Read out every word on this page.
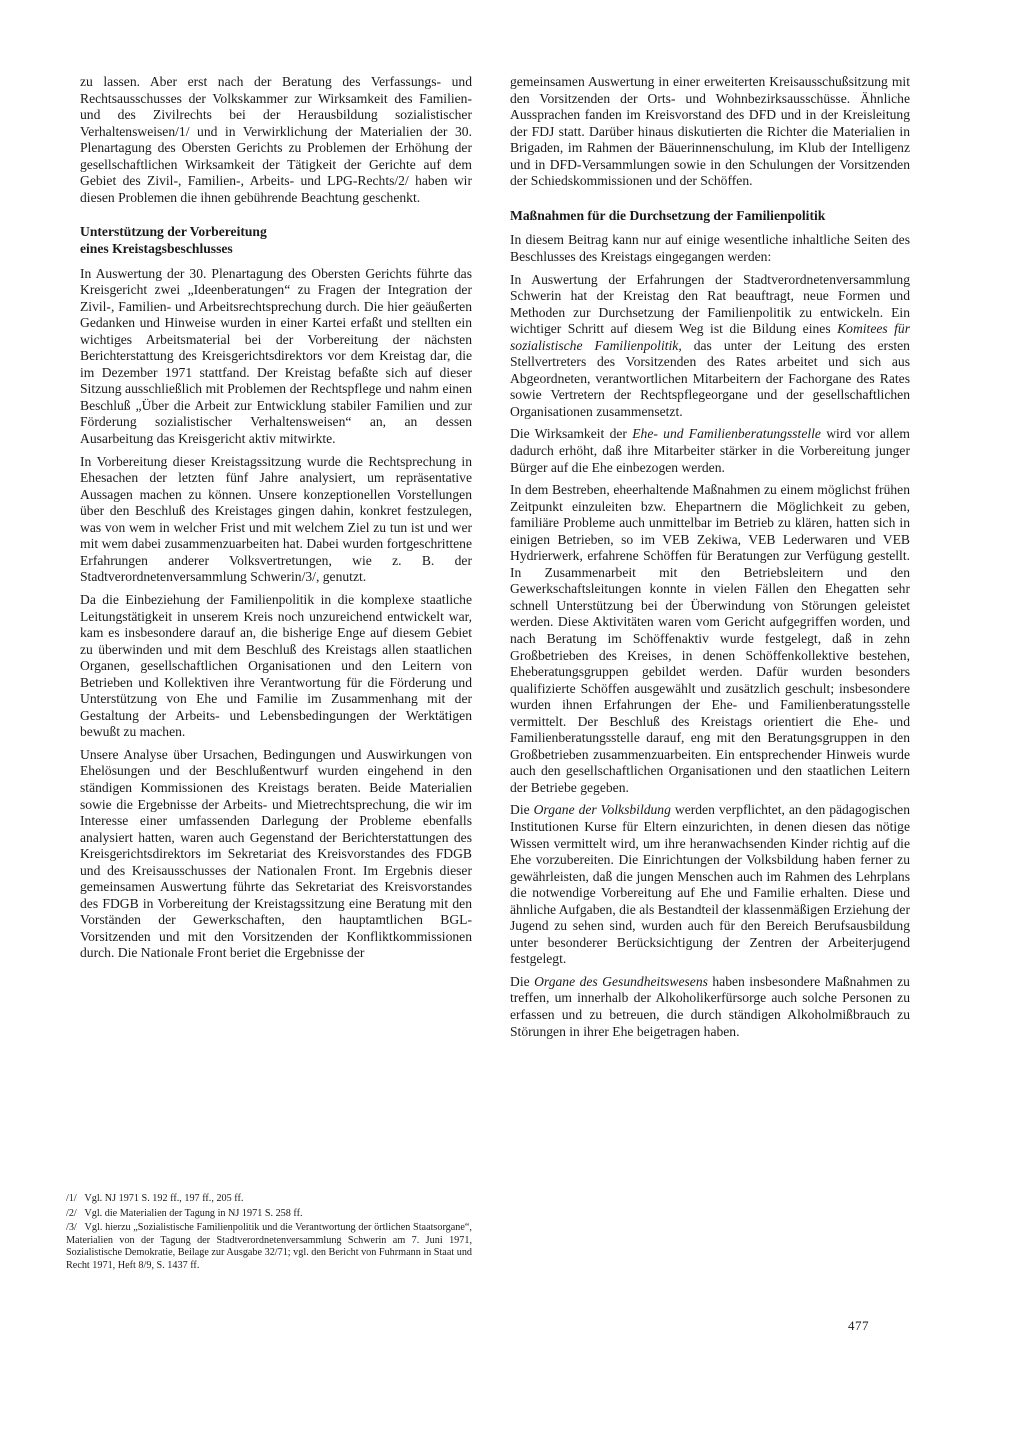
zu lassen. Aber erst nach der Beratung des Verfassungs- und Rechtsausschusses der Volkskammer zur Wirksamkeit des Familien- und des Zivilrechts bei der Herausbildung sozialistischer Verhaltensweisen/1/ und in Verwirklichung der Materialien der 30. Plenartagung des Obersten Gerichts zu Problemen der Erhöhung der gesellschaftlichen Wirksamkeit der Tätigkeit der Gerichte auf dem Gebiet des Zivil-, Familien-, Arbeits- und LPG-Rechts/2/ haben wir diesen Problemen die ihnen gebührende Beachtung geschenkt.

Unterstützung der Vorbereitung
eines Kreistagsbeschlusses

In Auswertung der 30. Plenartagung des Obersten Gerichts führte das Kreisgericht zwei „Ideenberatungen“ zu Fragen der Integration der Zivil-, Familien- und Arbeitsrechtsprechung durch. Die hier geäußerten Gedanken und Hinweise wurden in einer Kartei erfaßt und stellten ein wichtiges Arbeitsmaterial bei der Vorbereitung der nächsten Berichterstattung des Kreisgerichtsdirektors vor dem Kreistag dar, die im Dezember 1971 stattfand. Der Kreistag befaßte sich auf dieser Sitzung ausschließlich mit Problemen der Rechtspflege und nahm einen Beschluß „Über die Arbeit zur Entwicklung stabiler Familien und zur Förderung sozialistischer Verhaltensweisen“ an, an dessen Ausarbeitung das Kreisgericht aktiv mitwirkte.

In Vorbereitung dieser Kreistagssitzung wurde die Rechtsprechung in Ehesachen der letzten fünf Jahre analysiert, um repräsentative Aussagen machen zu können. Unsere konzeptionellen Vorstellungen über den Beschluß des Kreistages gingen dahin, konkret festzulegen, was von wem in welcher Frist und mit welchem Ziel zu tun ist und wer mit wem dabei zusammenzuarbeiten hat. Dabei wurden fortgeschrittene Erfahrungen anderer Volksvertretungen, wie z. B. der Stadtverordnetenversammlung Schwerin/3/, genutzt.

Da die Einbeziehung der Familienpolitik in die komplexe staatliche Leitungstätigkeit in unserem Kreis noch unzureichend entwickelt war, kam es insbesondere darauf an, die bisherige Enge auf diesem Gebiet zu überwinden und mit dem Beschluß des Kreistags allen staatlichen Organen, gesellschaftlichen Organisationen und den Leitern von Betrieben und Kollektiven ihre Verantwortung für die Förderung und Unterstützung von Ehe und Familie im Zusammenhang mit der Gestaltung der Arbeits- und Lebensbedingungen der Werktätigen bewußt zu machen.

Unsere Analyse über Ursachen, Bedingungen und Auswirkungen von Ehelösungen und der Beschlußentwurf wurden eingehend in den ständigen Kommissionen des Kreistags beraten. Beide Materialien sowie die Ergebnisse der Arbeits- und Mietrechtsprechung, die wir im Interesse einer umfassenden Darlegung der Probleme ebenfalls analysiert hatten, waren auch Gegenstand der Berichterstattungen des Kreisgerichtsdirektors im Sekretariat des Kreisvorstandes des FDGB und des Kreisausschusses der Nationalen Front. Im Ergebnis dieser gemeinsamen Auswertung führte das Sekretariat des Kreisvorstandes des FDGB in Vorbereitung der Kreistagssitzung eine Beratung mit den Vorständen der Gewerkschaften, den hauptamtlichen BGL-Vorsitzenden und mit den Vorsitzenden der Konfliktkommissionen durch. Die Nationale Front beriet die Ergebnisse der

gemeinsamen Auswertung in einer erweiterten Kreisausschußsitzung mit den Vorsitzenden der Orts- und Wohnbezirksausschüsse. Ähnliche Aussprachen fanden im Kreisvorstand des DFD und in der Kreisleitung der FDJ statt. Darüber hinaus diskutierten die Richter die Materialien in Brigaden, im Rahmen der Bäuerinnenschulung, im Klub der Intelligenz und in DFD-Versammlungen sowie in den Schulungen der Vorsitzenden der Schiedskommissionen und der Schöffen.

Maßnahmen für die Durchsetzung der Familienpolitik

In diesem Beitrag kann nur auf einige wesentliche inhaltliche Seiten des Beschlusses des Kreistags eingegangen werden:

In Auswertung der Erfahrungen der Stadtverordnetenversammlung Schwerin hat der Kreistag den Rat beauftragt, neue Formen und Methoden zur Durchsetzung der Familienpolitik zu entwickeln. Ein wichtiger Schritt auf diesem Weg ist die Bildung eines Komitees für sozialistische Familienpolitik, das unter der Leitung des ersten Stellvertreters des Vorsitzenden des Rates arbeitet und sich aus Abgeordneten, verantwortlichen Mitarbeitern der Fachorgane des Rates sowie Vertretern der Rechtspflegeorgane und der gesellschaftlichen Organisationen zusammensetzt.

Die Wirksamkeit der Ehe- und Familienberatungsstelle wird vor allem dadurch erhöht, daß ihre Mitarbeiter stärker in die Vorbereitung junger Bürger auf die Ehe einbezogen werden.

In dem Bestreben, eheerhaltende Maßnahmen zu einem möglichst frühen Zeitpunkt einzuleiten bzw. Ehepartnern die Möglichkeit zu geben, familiäre Probleme auch unmittelbar im Betrieb zu klären, hatten sich in einigen Betrieben, so im VEB Zekiwa, VEB Lederwaren und VEB Hydrierwerk, erfahrene Schöffen für Beratungen zur Verfügung gestellt. In Zusammenarbeit mit den Betriebsleitern und den Gewerkschaftsleitungen konnte in vielen Fällen den Ehegatten sehr schnell Unterstützung bei der Überwindung von Störungen geleistet werden. Diese Aktivitäten waren vom Gericht aufgegriffen worden, und nach Beratung im Schöffenaktiv wurde festgelegt, daß in zehn Großbetrieben des Kreises, in denen Schöffenkollektive bestehen, Eheberatungsgruppen gebildet werden. Dafür wurden besonders qualifizierte Schöffen ausgewählt und zusätzlich geschult; insbesondere wurden ihnen Erfahrungen der Ehe- und Familienberatungsstelle vermittelt. Der Beschluß des Kreistags orientiert die Ehe- und Familienberatungsstelle darauf, eng mit den Beratungsgruppen in den Großbetrieben zusammenzuarbeiten. Ein entsprechender Hinweis wurde auch den gesellschaftlichen Organisationen und den staatlichen Leitern der Betriebe gegeben.

Die Organe der Volksbildung werden verpflichtet, an den pädagogischen Institutionen Kurse für Eltern einzurichten, in denen diesen das nötige Wissen vermittelt wird, um ihre heranwachsenden Kinder richtig auf die Ehe vorzubereiten. Die Einrichtungen der Volksbildung haben ferner zu gewährleisten, daß die jungen Menschen auch im Rahmen des Lehrplans die notwendige Vorbereitung auf Ehe und Familie erhalten. Diese und ähnliche Aufgaben, die als Bestandteil der klassenmäßigen Erziehung der Jugend zu sehen sind, wurden auch für den Bereich Berufsausbildung unter besonderer Berücksichtigung der Zentren der Arbeiterjugend festgelegt.

Die Organe des Gesundheitswesens haben insbesondere Maßnahmen zu treffen, um innerhalb der Alkoholikerfürsorge auch solche Personen zu erfassen und zu betreuen, die durch ständigen Alkoholmißbrauch zu Störungen in ihrer Ehe beigetragen haben.

/1/ Vgl. NJ 1971 S. 192 ff., 197 ff., 205 ff.
/2/ Vgl. die Materialien der Tagung in NJ 1971 S. 258 ff.
/3/ Vgl. hierzu „Sozialistische Familienpolitik und die Verantwortung der örtlichen Staatsorgane“, Materialien von der Tagung der Stadtverordnetenversammlung Schwerin am 7. Juni 1971, Sozialistische Demokratie, Beilage zur Ausgabe 32/71; vgl. den Bericht von Fuhrmann in Staat und Recht 1971, Heft 8/9, S. 1437 ff.
477
